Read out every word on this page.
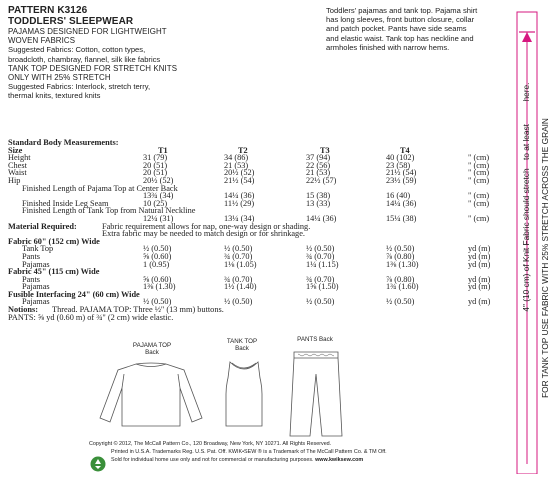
PATTERN K3126
TODDLERS' SLEEPWEAR
PAJAMAS DESIGNED FOR LIGHTWEIGHT
WOVEN FABRICS
Suggested Fabrics: Cotton, cotton types,
broadcloth, chambray, flannel, silk like fabrics
TANK TOP DESIGNED FOR STRETCH KNITS
ONLY WITH 25% STRETCH
Suggested Fabrics: Interlock, stretch terry,
thermal knits, textured knits
Toddlers' pajamas and tank top. Pajama shirt
has long sleeves, front button closure, collar
and patch pocket. Pants have side seams
and elastic waist. Tank top has neckline and
armholes finished with narrow hems.
4" (10 cm) of Knit Fabric should stretch
to at least
here.
FOR TANK TOP USE FABRIC WITH 25% STRETCH ACROSS THE GRAIN
Standard Body Measurements:
Size	T1	T2	T3	T4
Height	31 (79)	34 (86)	37 (94)	40 (102)	" (cm)
Chest	20 (51)	21 (53)	22 (56)	23 (58)	" (cm)
Waist	20 (51)	20½ (52)	21 (53)	21½ (54)	" (cm)
Hip	20½ (52)	21½ (54)	22½ (57)	23½ (59)	" (cm)
Finished Length of Pajama Top at Center Back
13¾ (34)	14¼ (36)	15 (38)	16 (40)	" (cm)
Finished Inside Leg Seam	10 (25)	11½ (29)	13 (33)	14¼ (36)	" (cm)
Finished Length of Tank Top from Natural Neckline
12¼ (31)	13¼ (34)	14¼ (36)	15¼ (38)	" (cm)
Material Required:	Fabric requirement allows for nap, one-way design or shading.
Extra fabric may be needed to match design or for shrinkage.
Fabric 60" (152 cm) Wide
Tank Top	½ (0.50)	½ (0.50)	½ (0.50)	½ (0.50)	yd (m)
Pants	⅝ (0.60)	¾ (0.70)	¾ (0.70)	⅞ (0.80)	yd (m)
Pajamas	1 (0.95)	1⅛ (1.05)	1¼ (1.15)	1⅜ (1.30)	yd (m)
Fabric 45" (115 cm) Wide
Pants	⅝ (0.60)	¾ (0.70)	¾ (0.70)	⅞ (0.80)	yd (m)
Pajamas	1⅜ (1.30)	1½ (1.40)	1⅝ (1.50)	1¾ (1.60)	yd (m)
Fusible Interfacing 24" (60 cm) Wide
Pajamas	½ (0.50)	½ (0.50)	½ (0.50)	½ (0.50)	yd (m)
Notions: Thread. PAJAMA TOP: Three ½" (13 mm) buttons.
PANTS: ⅝ yd (0.60 m) of ¾" (2 cm) wide elastic.
PAJAMA TOP
Back
TANK TOP
Back
PANTS Back
Copyright © 2012, The McCall Pattern Co., 120 Broadway, New York, NY 10271. All Rights Reserved.
Printed in U.S.A. Trademarks Reg. U.S. Pat. Off. KWIK•SEW ® is a Trademark of The McCall Pattern Co. & TM Off.
Sold for individual home use only and not for commercial or manufacturing purposes. www.kwiksew.com
